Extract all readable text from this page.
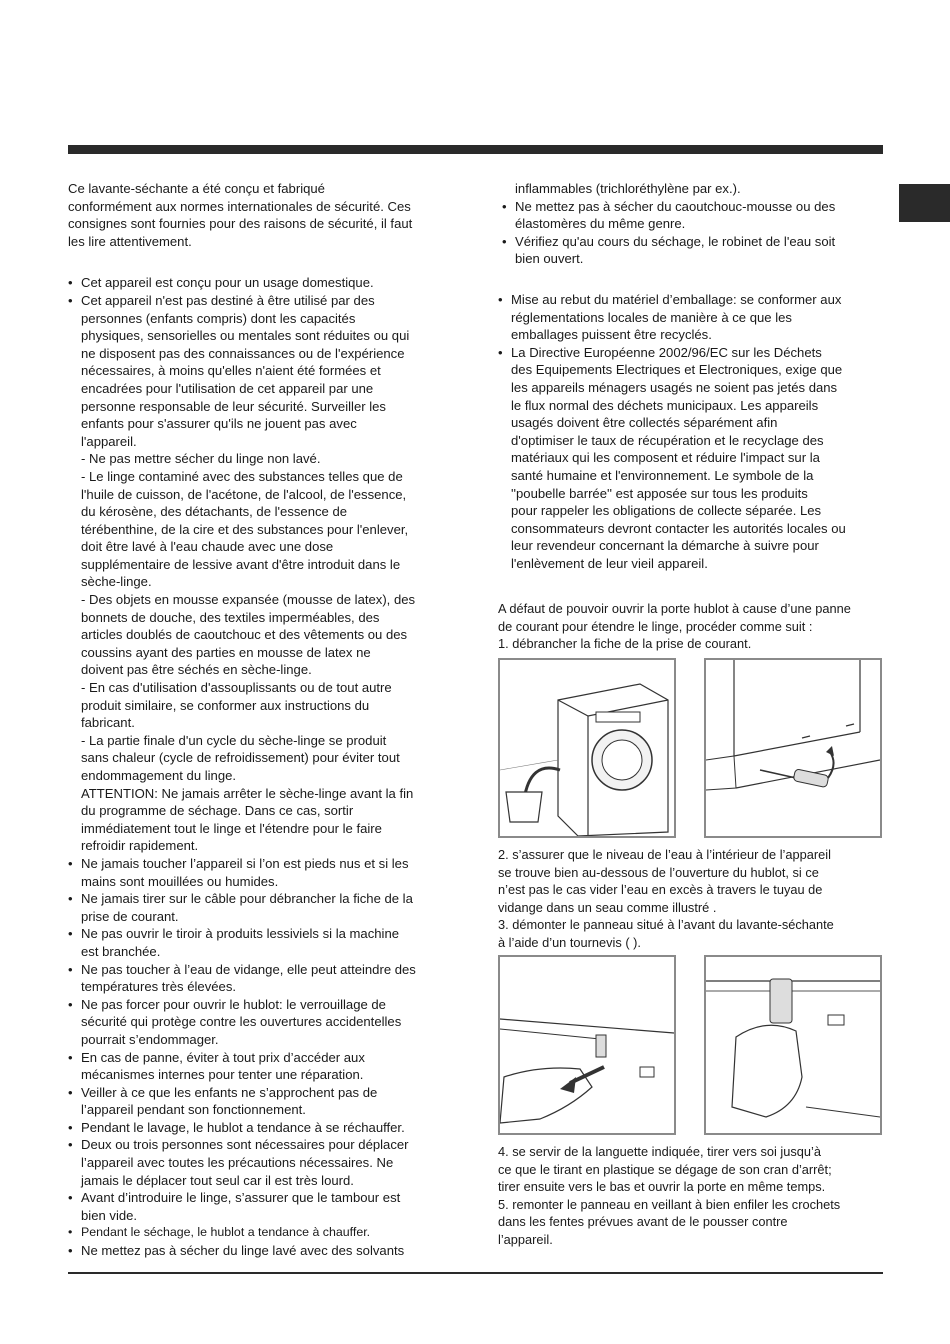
Ce lavante-séchante a été conçu et fabriqué
conformément aux normes internationales de sécurité. Ces
consignes sont fournies pour des raisons de sécurité, il faut
les lire attentivement.
• Cet appareil est conçu pour un usage domestique.
• Cet appareil n'est pas destiné à être utilisé par des
personnes (enfants compris) dont les capacités
physiques, sensorielles ou mentales sont réduites ou qui
ne disposent pas des connaissances ou de l'expérience
nécessaires, à moins qu'elles n'aient été formées et
encadrées pour l'utilisation de cet appareil par une
personne responsable de leur sécurité. Surveiller les
enfants pour s'assurer qu'ils ne jouent pas avec
l'appareil.
- Ne pas mettre sécher du linge non lavé.
- Le linge contaminé avec des substances telles que de
l'huile de cuisson, de l'acétone, de l'alcool, de l'essence,
du kérosène, des détachants, de l'essence de
térébenthine, de la cire et des substances pour l'enlever,
doit être lavé à l'eau chaude avec une dose
supplémentaire de lessive avant d'être introduit dans le
sèche-linge.
- Des objets en mousse expansée (mousse de latex), des
bonnets de douche, des textiles imperméables, des
articles doublés de caoutchouc et des vêtements ou des
coussins ayant des parties en mousse de latex ne
doivent pas être séchés en sèche-linge.
- En cas d'utilisation d'assouplissants ou de tout autre
produit similaire, se conformer aux instructions du
fabricant.
- La partie finale d'un cycle du sèche-linge se produit
sans chaleur (cycle de refroidissement) pour éviter tout
endommagement du linge.
ATTENTION: Ne jamais arrêter le sèche-linge avant la fin
du programme de séchage. Dans ce cas, sortir
immédiatement tout le linge et l'étendre pour le faire
refroidir rapidement.
• Ne jamais toucher l’appareil si l’on est pieds nus et si les
mains sont mouillées ou humides.
• Ne jamais tirer sur le câble pour débrancher la fiche de la
prise de courant.
• Ne pas ouvrir le tiroir à produits lessiviels si la machine
est branchée.
• Ne pas toucher à l’eau de vidange, elle peut atteindre des
températures très élevées.
• Ne pas forcer pour ouvrir le hublot: le verrouillage de
sécurité qui protège contre les ouvertures accidentelles
pourrait s’endommager.
• En cas de panne, éviter à tout prix d’accéder aux
mécanismes internes pour tenter une réparation.
• Veiller à ce que les enfants ne s’approchent pas de
l’appareil pendant son fonctionnement.
• Pendant le lavage, le hublot a tendance à se réchauffer.
• Deux ou trois personnes sont nécessaires pour déplacer
l’appareil avec toutes les précautions nécessaires. Ne
jamais le déplacer tout seul car il est très lourd.
• Avant d’introduire le linge, s’assurer que le tambour est
bien vide.
• Pendant le séchage, le hublot a tendance à chauffer.
• Ne mettez pas à sécher du linge lavé avec des solvants
inflammables (trichloréthylène par ex.).
• Ne mettez pas à sécher du caoutchouc-mousse ou des
élastomères du même genre.
• Vérifiez qu'au cours du séchage, le robinet de l'eau soit
bien ouvert.
• Mise au rebut du matériel d’emballage: se conformer aux
réglementations locales de manière à ce que les
emballages puissent être recyclés.
• La Directive Européenne 2002/96/EC sur les Déchets
des Equipements Electriques et Electroniques, exige que
les appareils ménagers usagés ne soient pas jetés dans
le flux normal des déchets municipaux. Les appareils
usagés doivent être collectés séparément afin
d'optimiser le taux de récupération et le recyclage des
matériaux qui les composent et réduire l'impact sur la
santé humaine et l'environnement. Le symbole de la
''poubelle barrée'' est apposée sur tous les produits
pour rappeler les obligations de collecte séparée. Les
consommateurs devront contacter les autorités locales ou
leur revendeur concernant la démarche à suivre pour
l'enlèvement de leur vieil appareil.
A défaut de pouvoir ouvrir la porte hublot à cause d’une panne
de courant pour étendre le linge, procéder comme suit :
1. débrancher la fiche de la prise de courant.
2. s’assurer que le niveau de l’eau à l’intérieur de l’appareil
se trouve bien au-dessous de l’ouverture du hublot, si ce
n’est pas le cas vider l’eau en excès à travers le tuyau de
vidange dans un seau comme illustré .
3. démonter le panneau situé à l’avant du lavante-séchante
à l’aide d’un tournevis ( ).
4. se servir de la languette indiquée, tirer vers soi jusqu’à
ce que le tirant en plastique se dégage de son cran d’arrêt;
tirer ensuite vers le bas et ouvrir la porte en même temps.
5. remonter le panneau en veillant à bien enfiler les crochets
dans les fentes prévues avant de le pousser contre
l’appareil.
